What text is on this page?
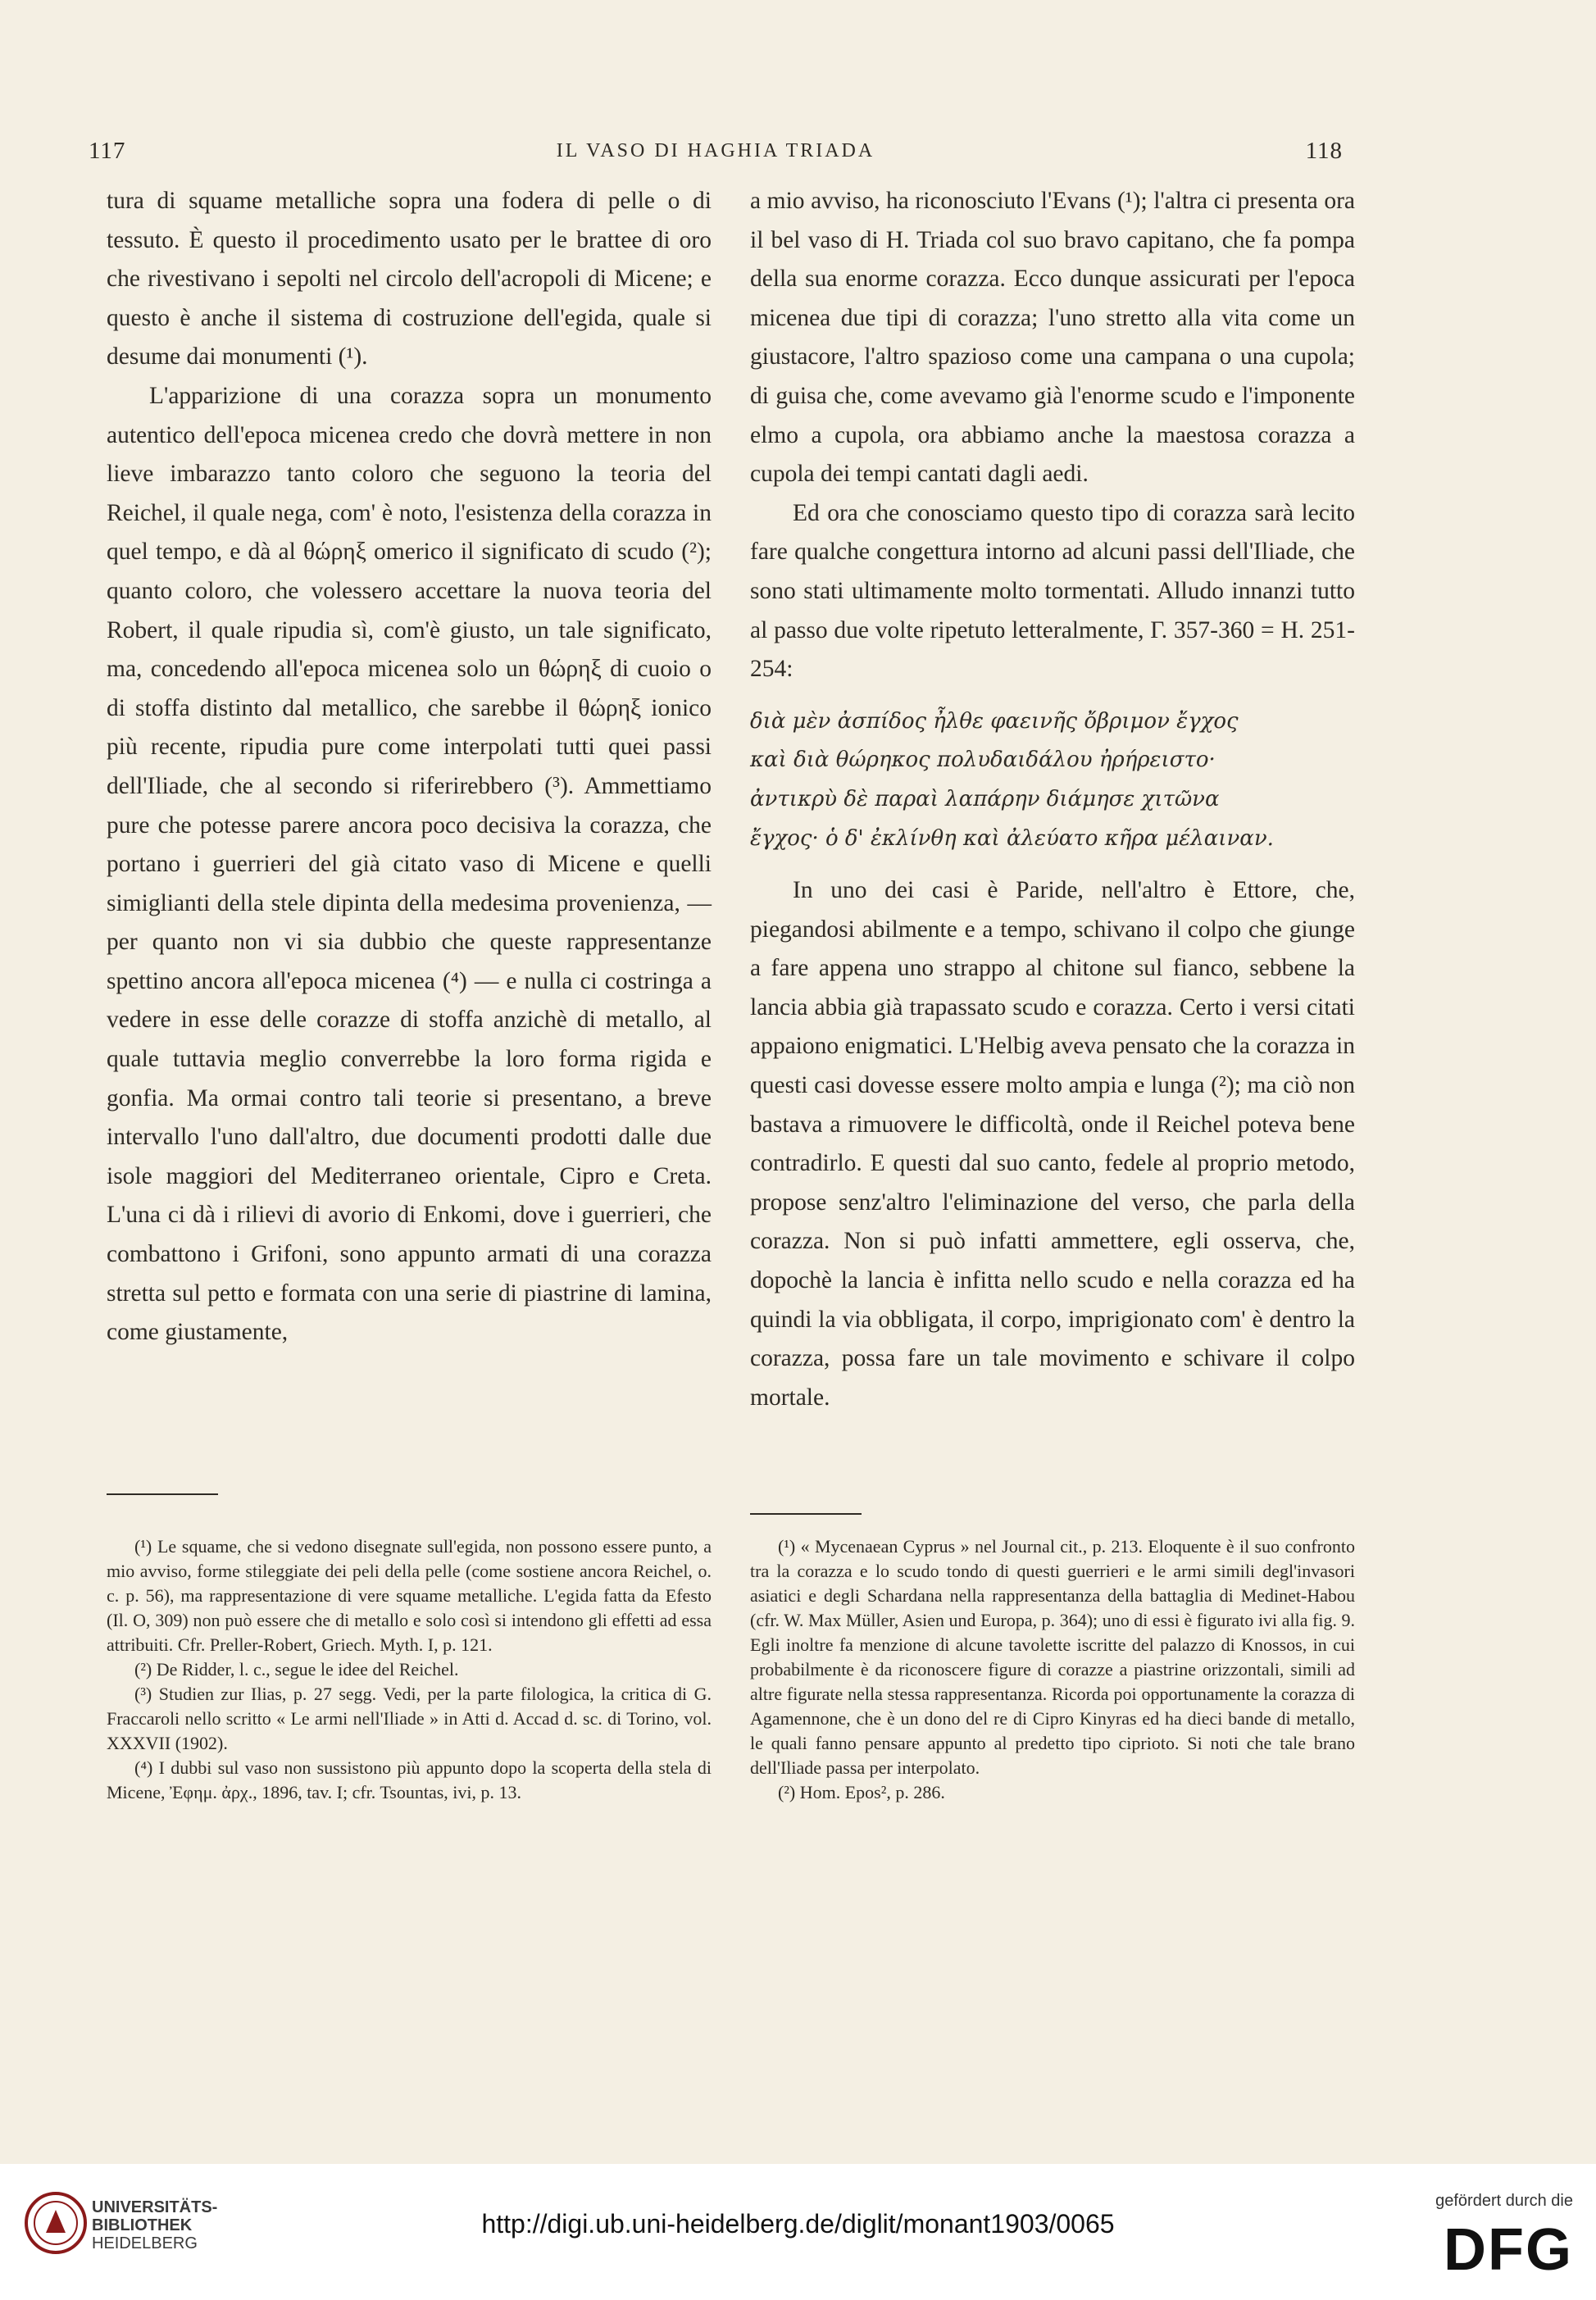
117	IL VASO DI HAGHIA TRIADA	118

tura di squame metalliche sopra una fodera di pelle o di tessuto. È questo il procedimento usato per le brattee di oro che rivestivano i sepolti nel circolo dell'acropoli di Micene; e questo è anche il sistema di costruzione dell'egida, quale si desume dai monumenti (¹).

L'apparizione di una corazza sopra un monumento autentico dell'epoca micenea credo che dovrà mettere in non lieve imbarazzo tanto coloro che seguono la teoria del Reichel, il quale nega, com' è noto, l'esistenza della corazza in quel tempo, e dà al θώρηξ omerico il significato di scudo (²); quanto coloro, che volessero accettare la nuova teoria del Robert, il quale ripudia sì, com'è giusto, un tale significato, ma, concedendo all'epoca micenea solo un θώρηξ di cuoio o di stoffa distinto dal metallico, che sarebbe il θώρηξ ionico più recente, ripudia pure come interpolati tutti quei passi dell'Iliade, che al secondo si riferirebbero (³). Ammettiamo pure che potesse parere ancora poco decisiva la corazza, che portano i guerrieri del già citato vaso di Micene e quelli simiglianti della stele dipinta della medesima provenienza, — per quanto non vi sia dubbio che queste rappresentanze spettino ancora all'epoca micenea (⁴) — e nulla ci costringa a vedere in esse delle corazze di stoffa anzichè di metallo, al quale tuttavia meglio converrebbe la loro forma rigida e gonfia. Ma ormai contro tali teorie si presentano, a breve intervallo l'uno dall'altro, due documenti prodotti dalle due isole maggiori del Mediterraneo orientale, Cipro e Creta. L'una ci dà i rilievi di avorio di Enkomi, dove i guerrieri, che combattono i Grifoni, sono appunto armati di una corazza stretta sul petto e formata con una serie di piastrine di lamina, come giustamente,

a mio avviso, ha riconosciuto l'Evans (¹); l'altra ci presenta ora il bel vaso di H. Triada col suo bravo capitano, che fa pompa della sua enorme corazza. Ecco dunque assicurati per l'epoca micenea due tipi di corazza; l'uno stretto alla vita come un giustacore, l'altro spazioso come una campana o una cupola; di guisa che, come avevamo già l'enorme scudo e l'imponente elmo a cupola, ora abbiamo anche la maestosa corazza a cupola dei tempi cantati dagli aedi.

Ed ora che conosciamo questo tipo di corazza sarà lecito fare qualche congettura intorno ad alcuni passi dell'Iliade, che sono stati ultimamente molto tormentati. Alludo innanzi tutto al passo due volte ripetuto letteralmente, Γ. 357-360 = Η. 251-254:

διὰ μὲν ἀσπίδος ἦλθε φαεινῆς ὄβριμον ἔγχος
καὶ διὰ θώρηκος πολυδαιδάλου ἠρήρειστο·
ἀντικρὺ δὲ παραὶ λαπάρην διάμησε χιτῶνα
ἔγχος· ὁ δ' ἐκλίνθη καὶ ἀλεύατο κῆρα μέλαιναν.

In uno dei casi è Paride, nell'altro è Ettore, che, piegandosi abilmente e a tempo, schivano il colpo che giunge a fare appena uno strappo al chitone sul fianco, sebbene la lancia abbia già trapassato scudo e corazza. Certo i versi citati appaiono enigmatici. L'Helbig aveva pensato che la corazza in questi casi dovesse essere molto ampia e lunga (²); ma ciò non bastava a rimuovere le difficoltà, onde il Reichel poteva bene contradirlo. E questi dal suo canto, fedele al proprio metodo, propose senz'altro l'eliminazione del verso, che parla della corazza. Non si può infatti ammettere, egli osserva, che, dopochè la lancia è infitta nello scudo e nella corazza ed ha quindi la via obbligata, il corpo, imprigionato com' è dentro la corazza, possa fare un tale movimento e schivare il colpo mortale.

(¹) Le squame, che si vedono disegnate sull'egida, non possono essere punto, a mio avviso, forme stileggiate dei peli della pelle (come sostiene ancora Reichel, o. c. p. 56), ma rappresentazione di vere squame metalliche. L'egida fatta da Efesto (Il. O, 309) non può essere che di metallo e solo così si intendono gli effetti ad essa attribuiti. Cfr. Preller-Robert, Griech. Myth. I, p. 121.

(²) De Ridder, l. c., segue le idee del Reichel.

(³) Studien zur Ilias, p. 27 segg. Vedi, per la parte filologica, la critica di G. Fraccaroli nello scritto « Le armi nell'Iliade » in Atti d. Accad d. sc. di Torino, vol. XXXVII (1902).

(⁴) I dubbi sul vaso non sussistono più appunto dopo la scoperta della stela di Micene, Ἐφημ. ἀρχ., 1896, tav. I; cfr. Tsountas, ivi, p. 13.

(¹) « Mycenaean Cyprus » nel Journal cit., p. 213. Eloquente è il suo confronto tra la corazza e lo scudo tondo di questi guerrieri e le armi simili degl'invasori asiatici e degli Schardana nella rappresentanza della battaglia di Medinet-Habou (cfr. W. Max Müller, Asien und Europa, p. 364); uno di essi è figurato ivi alla fig. 9. Egli inoltre fa menzione di alcune tavolette iscritte del palazzo di Knossos, in cui probabilmente è da riconoscere figure di corazze a piastrine orizzontali, simili ad altre figurate nella stessa rappresentanza. Ricorda poi opportunamente la corazza di Agamennone, che è un dono del re di Cipro Kinyras ed ha dieci bande di metallo, le quali fanno pensare appunto al predetto tipo ciprioto. Si noti che tale brano dell'Iliade passa per interpolato.

(²) Hom. Epos², p. 286.

UNIVERSITÄTS-
BIBLIOTHEK
HEIDELBERG
http://digi.ub.uni-heidelberg.de/diglit/monant1903/0065
gefördert durch die
DFG
